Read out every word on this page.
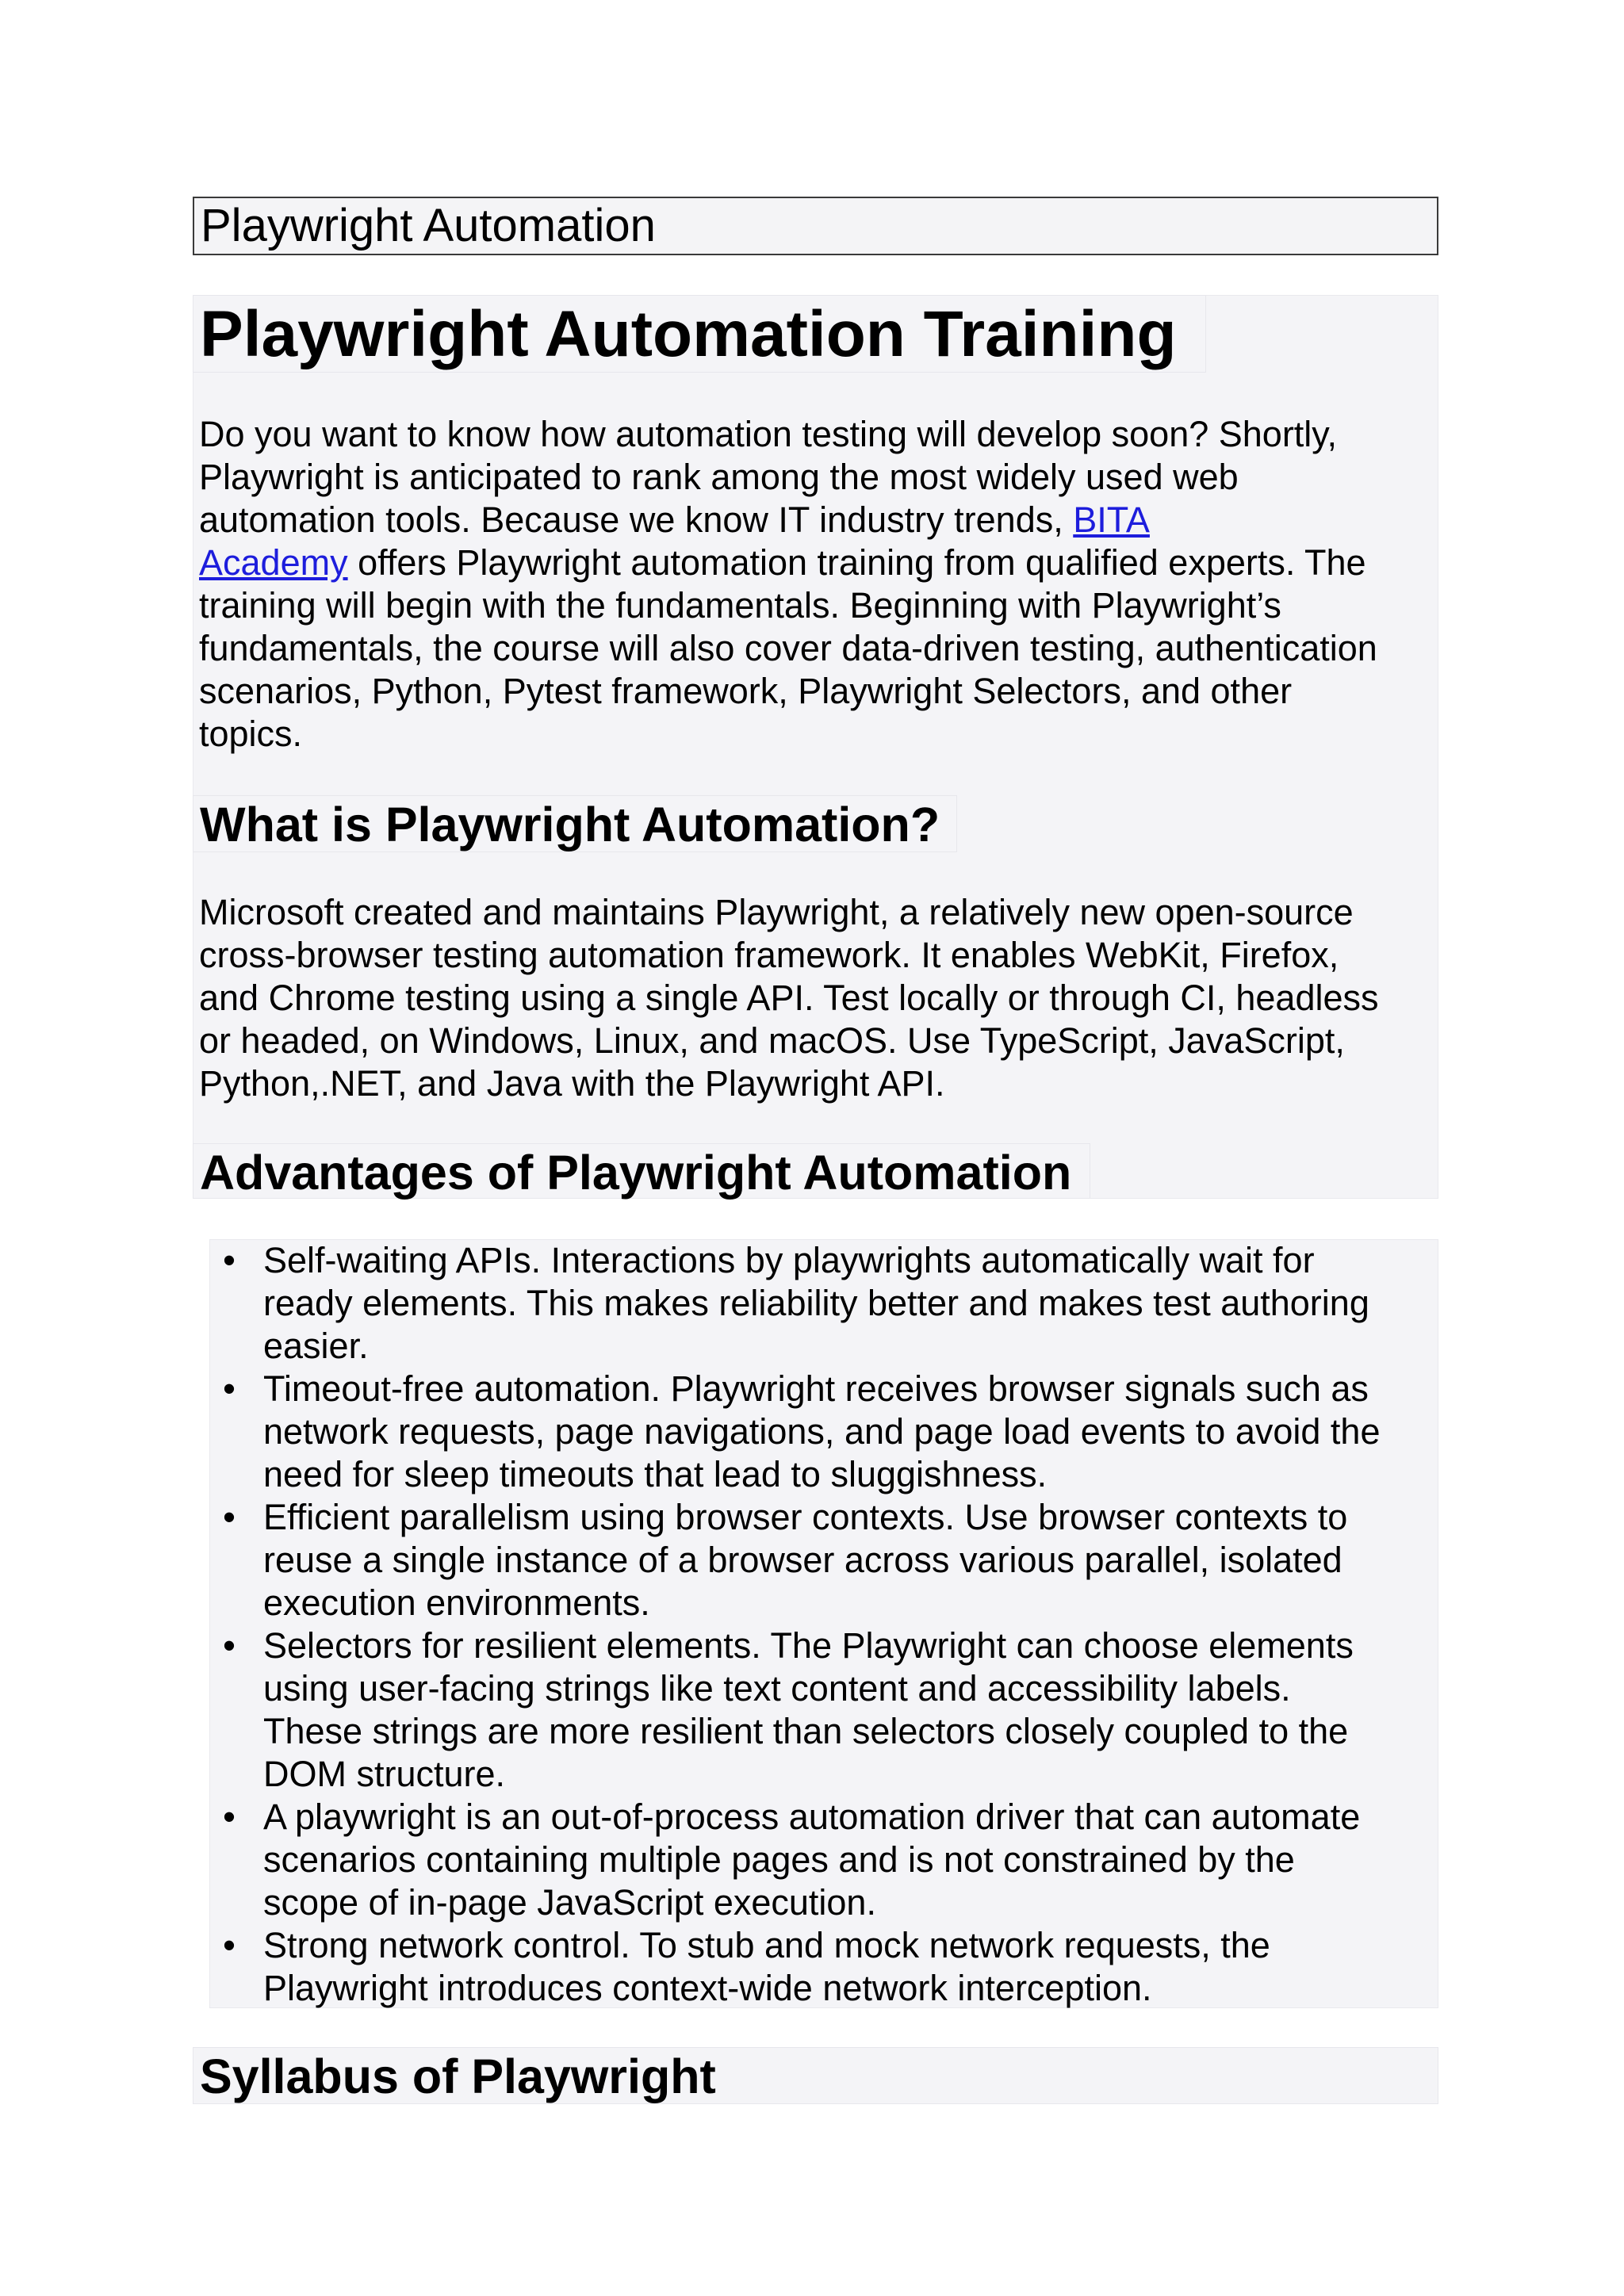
Playwright Automation
Playwright Automation Training

Do you want to know how automation testing will develop soon? Shortly,
Playwright is anticipated to rank among the most widely used web
automation tools. Because we know IT industry trends, BITA
Academy offers Playwright automation training from qualified experts. The
training will begin with the fundamentals. Beginning with Playwright’s
fundamentals, the course will also cover data-driven testing, authentication
scenarios, Python, Pytest framework, Playwright Selectors, and other
topics.

What is Playwright Automation?

Microsoft created and maintains Playwright, a relatively new open-source
cross-browser testing automation framework. It enables WebKit, Firefox,
and Chrome testing using a single API. Test locally or through CI, headless
or headed, on Windows, Linux, and macOS. Use TypeScript, JavaScript,
Python,.NET, and Java with the Playwright API.

Advantages of Playwright Automation
• Self-waiting APIs. Interactions by playwrights automatically wait for
ready elements. This makes reliability better and makes test authoring
easier.
• Timeout-free automation. Playwright receives browser signals such as
network requests, page navigations, and page load events to avoid the
need for sleep timeouts that lead to sluggishness.
• Efficient parallelism using browser contexts. Use browser contexts to
reuse a single instance of a browser across various parallel, isolated
execution environments.
• Selectors for resilient elements. The Playwright can choose elements
using user-facing strings like text content and accessibility labels.
These strings are more resilient than selectors closely coupled to the
DOM structure.
• A playwright is an out-of-process automation driver that can automate
scenarios containing multiple pages and is not constrained by the
scope of in-page JavaScript execution.
• Strong network control. To stub and mock network requests, the
Playwright introduces context-wide network interception.
Syllabus of Playwright
